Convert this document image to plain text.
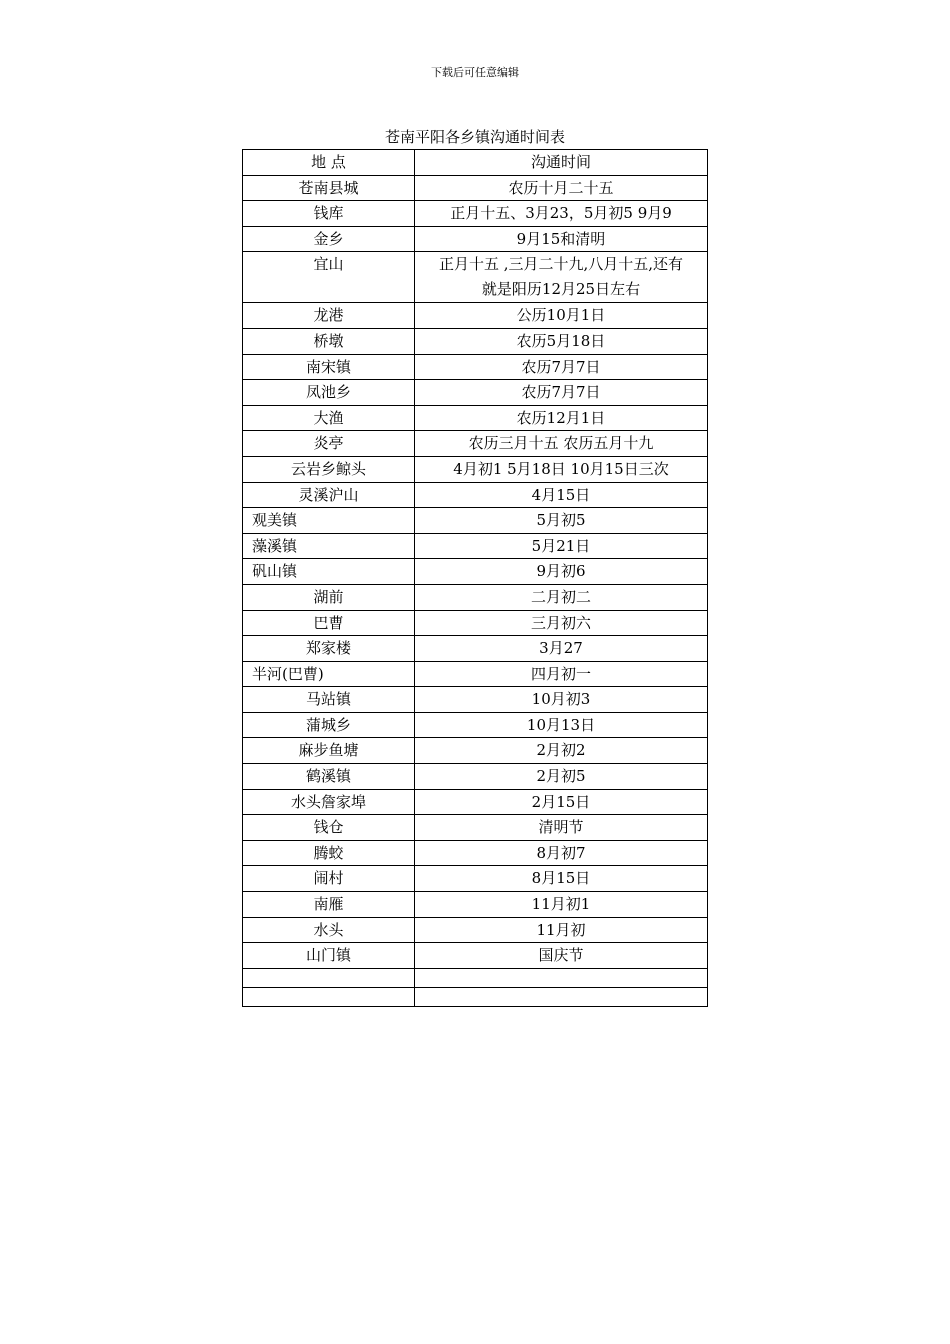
下载后可任意编辑
苍南平阳各乡镇沟通时间表
地 点	沟通时间
苍南县城	农历十月二十五
钱库	正月十五、3月23，5月初5 9月9
金乡	9月15和清明
宜山	正月十五 ,三月二十九,八月十五,还有
就是阳历12月25日左右

龙港	公历10月1日
桥墩	农历5月18日
南宋镇	农历7月7日
凤池乡	农历7月7日
大渔	农历12月1日
炎亭	农历三月十五 农历五月十九
云岩乡鲸头	4月初1 5月18日 10月15日三次
灵溪沪山	4月15日
观美镇	5月初5
藻溪镇	5月21日
矾山镇	9月初6
湖前	二月初二
巴曹	三月初六
郑家楼	3月27
半河(巴曹)	四月初一
马站镇	10月初3
蒲城乡	10月13日
麻步鱼塘	2月初2
鹤溪镇	2月初5
水头詹家埠	2月15日
钱仓	清明节
腾蛟	8月初7
闹村	8月15日
南雁	11月初1
水头	11月初
山门镇	国庆节
